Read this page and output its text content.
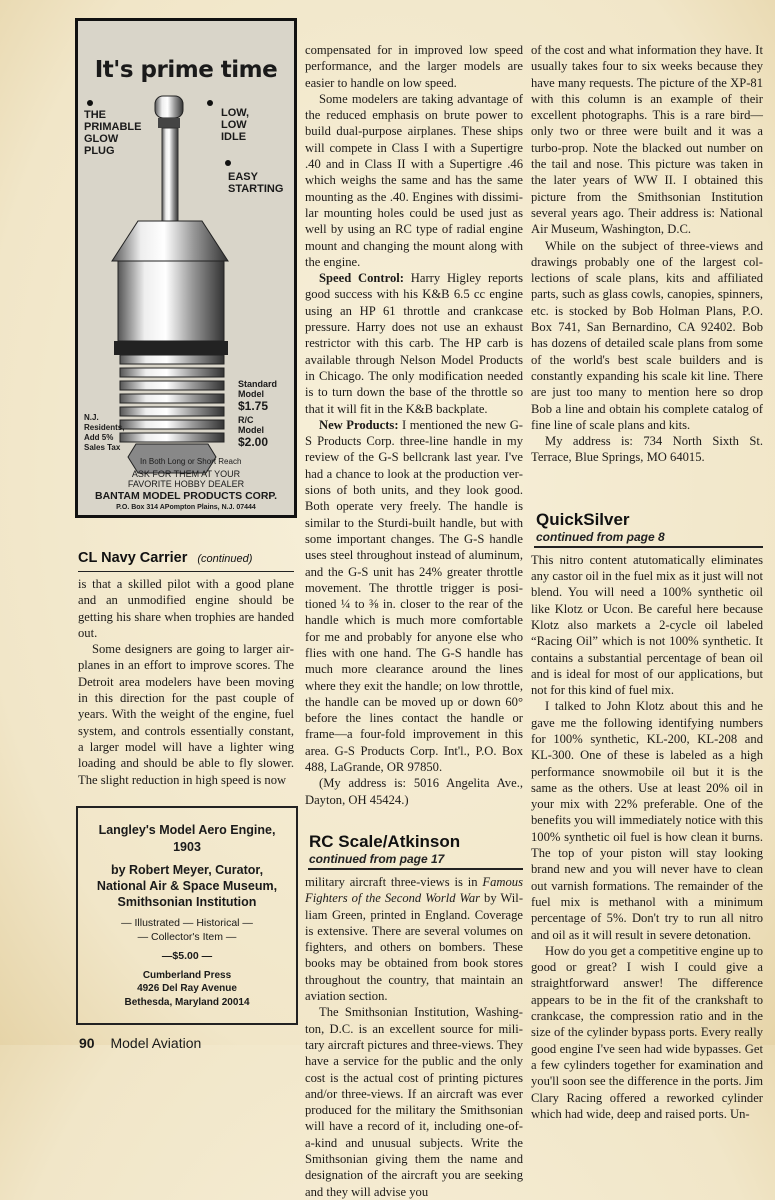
It's prime time
THE
PRIMABLE
GLOW
PLUG
LOW,
LOW
IDLE
EASY
STARTING
Standard
Model
$1.75
R/C
Model
$2.00
N.J.
Residents,
Add 5%
Sales Tax
In Both Long or Short Reach
ASK FOR THEM AT YOUR
FAVORITE HOBBY DEALER
BANTAM MODEL PRODUCTS CORP.
P.O. Box 314 APompton Plains, N.J. 07444
CL Navy Carrier (continued)

is that a skilled pilot with a good plane and an unmodified engine should be getting his share when trophies are handed out.

Some designers are going to larger airplanes in an effort to improve scores. The Detroit area modelers have been moving in this direction for the past couple of years. With the weight of the engine, fuel system, and controls essentially constant, a larger model will have a lighter wing loading and should be able to fly slower. The slight reduction in high speed is now

Langley's Model Aero Engine,
1903
by Robert Meyer, Curator,
National Air & Space Museum,
Smithsonian Institution
— Illustrated — Historical —
— Collector's Item —
—$5.00 —
Cumberland Press
4926 Del Ray Avenue
Bethesda, Maryland 20014
90 Model Aviation

compensated for in improved low speed performance, and the larger models are easier to handle on low speed.

Some modelers are taking advantage of the reduced emphasis on brute power to build dual-purpose airplanes. These ships will compete in Class I with a Supertigre .40 and in Class II with a Supertigre .46 which weighs the same and has the same mounting as the .40. Engines with dissimilar mounting holes could be used just as well by using an RC type of radial engine mount and changing the mount along with the engine.

Speed Control: Harry Higley reports good success with his K&B 6.5 cc engine using an HP 61 throttle and crankcase pressure. Harry does not use an exhaust restrictor with this carb. The HP carb is available through Nelson Model Products in Chicago. The only modification needed is to turn down the base of the throttle so that it will fit in the K&B backplate.

New Products: I mentioned the new G-S Products Corp. three-line handle in my review of the G-S bellcrank last year. I've had a chance to look at the production versions of both units, and they look good. Both operate very freely. The handle is similar to the Sturdi-built handle, but with some important changes. The G-S handle uses steel throughout instead of aluminum, and the G-S unit has 24% greater throttle movement. The throttle trigger is positioned ¼ to ⅜ in. closer to the rear of the handle which is much more comfortable for me and probably for anyone else who flies with one hand. The G-S handle has much more clearance around the lines where they exit the handle; on low throttle, the handle can be moved up or down 60° before the lines contact the handle or frame—a four-fold improvement in this area. G-S Products Corp. Int'l., P.O. Box 488, LaGrande, OR 97850.

(My address is: 5016 Angelita Ave., Dayton, OH 45424.)

RC Scale/Atkinson
continued from page 17

military aircraft three-views is in Famous Fighters of the Second World War by William Green, printed in England. Coverage is extensive. There are several volumes on fighters, and others on bombers. These books may be obtained from book stores throughout the country, that maintain an aviation section.

The Smithsonian Institution, Washington, D.C. is an excellent source for military aircraft pictures and three-views. They have a service for the public and the only cost is the actual cost of printing pictures and/or three-views. If an aircraft was ever produced for the military the Smithsonian will have a record of it, including one-of-a-kind and unusual subjects. Write the Smithsonian giving them the name and designation of the aircraft you are seeking and they will advise you

of the cost and what information they have. It usually takes four to six weeks because they have many requests. The picture of the XP-81 with this column is an example of their excellent photographs. This is a rare bird—only two or three were built and it was a turbo-prop. Note the blacked out number on the tail and nose. This picture was taken in the later years of WW II. I obtained this picture from the Smithsonian Institution several years ago. Their address is: National Air Museum, Washington, D.C.

While on the subject of three-views and drawings probably one of the largest collections of scale plans, kits and affiliated parts, such as glass cowls, canopies, spinners, etc. is stocked by Bob Holman Plans, P.O. Box 741, San Bernardino, CA 92402. Bob has dozens of detailed scale plans from some of the world's best scale builders and is constantly expanding his scale kit line. There are just too many to mention here so drop Bob a line and obtain his complete catalog of fine line of scale plans and kits.

My address is: 734 North Sixth St. Terrace, Blue Springs, MO 64015.

QuickSilver
continued from page 8

This nitro content atutomatically eliminates any castor oil in the fuel mix as it just will not blend. You will need a 100% synthetic oil like Klotz or Ucon. Be careful here because Klotz also markets a 2-cycle oil labeled “Racing Oil” which is not 100% synthetic. It contains a substantial percentage of bean oil and is ideal for most of our applications, but not for this kind of fuel mix.

I talked to John Klotz about this and he gave me the following identifying numbers for 100% synthetic, KL-200, KL-208 and KL-300. One of these is labeled as a high performance snowmobile oil but it is the same as the others. Use at least 20% oil in your mix with 22% preferable. One of the benefits you will immediately notice with this 100% synthetic oil fuel is how clean it burns. The top of your piston will stay looking brand new and you will never have to clean out varnish formations. The remainder of the fuel mix is methanol with a minimum percentage of 5%. Don't try to run all nitro and oil as it will result in severe detonation.

How do you get a competitive engine up to good or great? I wish I could give a straightforward answer! The difference appears to be in the fit of the crankshaft to crankcase, the compression ratio and in the size of the cylinder bypass ports. Every really good engine I've seen had wide bypasses. Get a few cylinders together for examination and you'll soon see the difference in the ports. Jim Clary Racing offered a reworked cylinder which had wide, deep and raised ports. Un-
